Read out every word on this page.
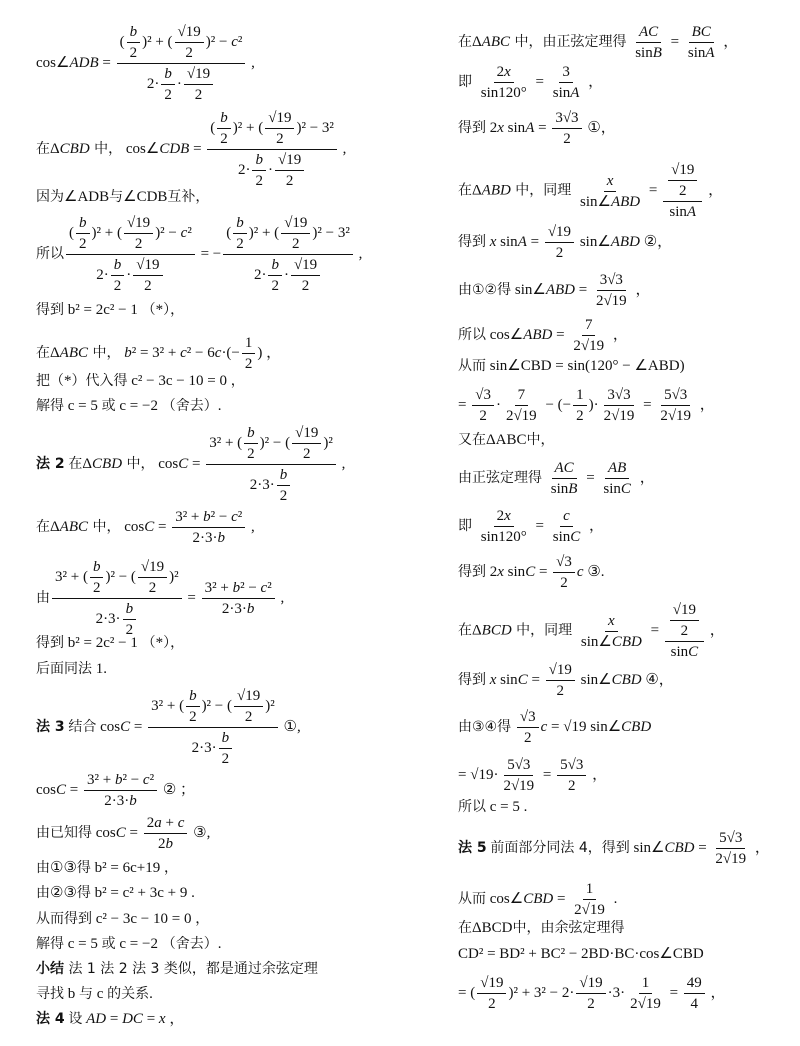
cos∠ADB = $\frac{( \frac{b}{2} )^2 + ( \frac{√19}{2} )^2 - c^2}{2\cdot \frac{b}{2} \cdot \frac{√19}{2}}$ ,
在ΔCBD 中， cos∠CDB = $\frac{( \frac{b}{2} )^2 + ( \frac{√19}{2} )^2 - 3^2}{2\cdot \frac{b}{2} \cdot \frac{√19}{2}}$ ,
因为∠ADB与∠CDB互补，
所以 $\frac{( \frac{b}{2} )^2 + ( \frac{√19}{2} )^2 - c^2}{2\cdot \frac{b}{2} \cdot \frac{√19}{2}}$ = − $\frac{( \frac{b}{2} )^2 + ( \frac{√19}{2} )^2 - 3^2}{2\cdot \frac{b}{2} \cdot \frac{√19}{2}}$ ,
得到 b² = 2c² − 1 （*），
在ΔABC 中， $b^2 = 3^2 + c^2 - 6c\cdot(- \frac{1}{2}$ ) ，
把（*）代入得 c² − 3c − 10 = 0 ，
解得 c = 5 或 c = −2 （舍去）.
法 2 在ΔCBD 中， $\cos C = \frac{3^2 + ( \frac{b}{2} )^2 - ( \frac{√19}{2} )^2}{2\cdot 3\cdot \frac{b}{2}}$ ,
在ΔABC 中， $\cos C = \frac{\text{3² + b² − c²}}{2\cdot 3\cdot b}$ ,
由 $\frac{3^2 + ( \frac{b}{2} )^2 - ( \frac{√19}{2} )^2}{2\cdot 3\cdot \frac{b}{2}} = \frac{\text{3² + b² − c²}}{2\cdot 3\cdot b}$ ,
得到 b² = 2c² − 1 （*），
后面同法 1.
法 3 结合 $\cos C = \frac{3^2 + ( \frac{b}{2} )^2 - ( \frac{√19}{2} )^2}{2\cdot 3\cdot \frac{b}{2}}$ ①,
$\cos C = \frac{\text{3² + b² − c²}}{2\cdot 3\cdot b}$ ② ；
由已知得 $\cos C = \frac{2a + c}{2b}$ ③,
由①③得 b² = 6c+19 ，
由②③得 b² = c² + 3c + 9 .
从而得到 c² − 3c − 10 = 0 ，
解得 c = 5 或 c = −2 （舍去）.
小结 法 1 法 2 法 3 类似，都是通过余弦定理
寻找 b 与 c 的关系.
法 4 设 AD = DC = x ，
在ΔABC 中，由正弦定理得 $\frac{AC}{\sin B} = \frac{BC}{\sin A}$ ，
即 $\frac{2x}{\sin 120^\circ} = \frac{3}{\sin A}$ ，
得到 2x $\sin A = \frac{3√3}{2}$ ①，
在ΔABD 中，同理 $\frac{x}{\text{sin∠ABD}} = \frac{\frac{√19}{2}}{\sin A}$ ，
得到 x $\sin A = \frac{√19}{2}$ sin∠ABD ②，
由①②得 sin∠ABD = $\frac{3√3}{2√19}$ ，
所以 cos∠ABD = $\frac{7}{2√19}$ ，
从而 sin∠CBD = sin(120° − ∠ABD)
= $\frac{√3}{2} \cdot \frac{7}{2√19}$ − (− $\frac{1}{2}$ )· $\frac{3√3}{2√19} = \frac{5√3}{2√19}$ ，
又在ΔABC中，
由正弦定理得 $\frac{AC}{\sin B} = \frac{AB}{\sin C}$ ，
即 $\frac{2x}{\sin 120^\circ} = \frac{c}{\sin C}$ ，
得到 2x $\sin C = \frac{√3}{2}$ c ③.
在ΔBCD 中，同理 $\frac{x}{\text{sin∠CBD}} = \frac{\frac{√19}{2}}{\sin C}$ ，
得到 x $\sin C = \frac{√19}{2}$ sin∠CBD ④，
由③④得 $\frac{√3}{2}$ c = √19 sin∠CBD
= $√19\cdot \frac{5√3}{2√19} = \frac{5√3}{2}$ ，
所以 c = 5 .
法 5 前面部分同法 4，得到 sin∠CBD = $\frac{5√3}{2√19}$ ，
从而 cos∠CBD = $\frac{1}{2√19}$ .
在ΔBCD中，由余弦定理得
CD² = BD² + BC² − 2BD·BC·cos∠CBD
= ( $\frac{√19}{2} )^2 + 3^2 - 2\cdot \frac{√19}{2} \cdot 3\cdot \frac{1}{2√19} = \frac{49}{4}$ ，
